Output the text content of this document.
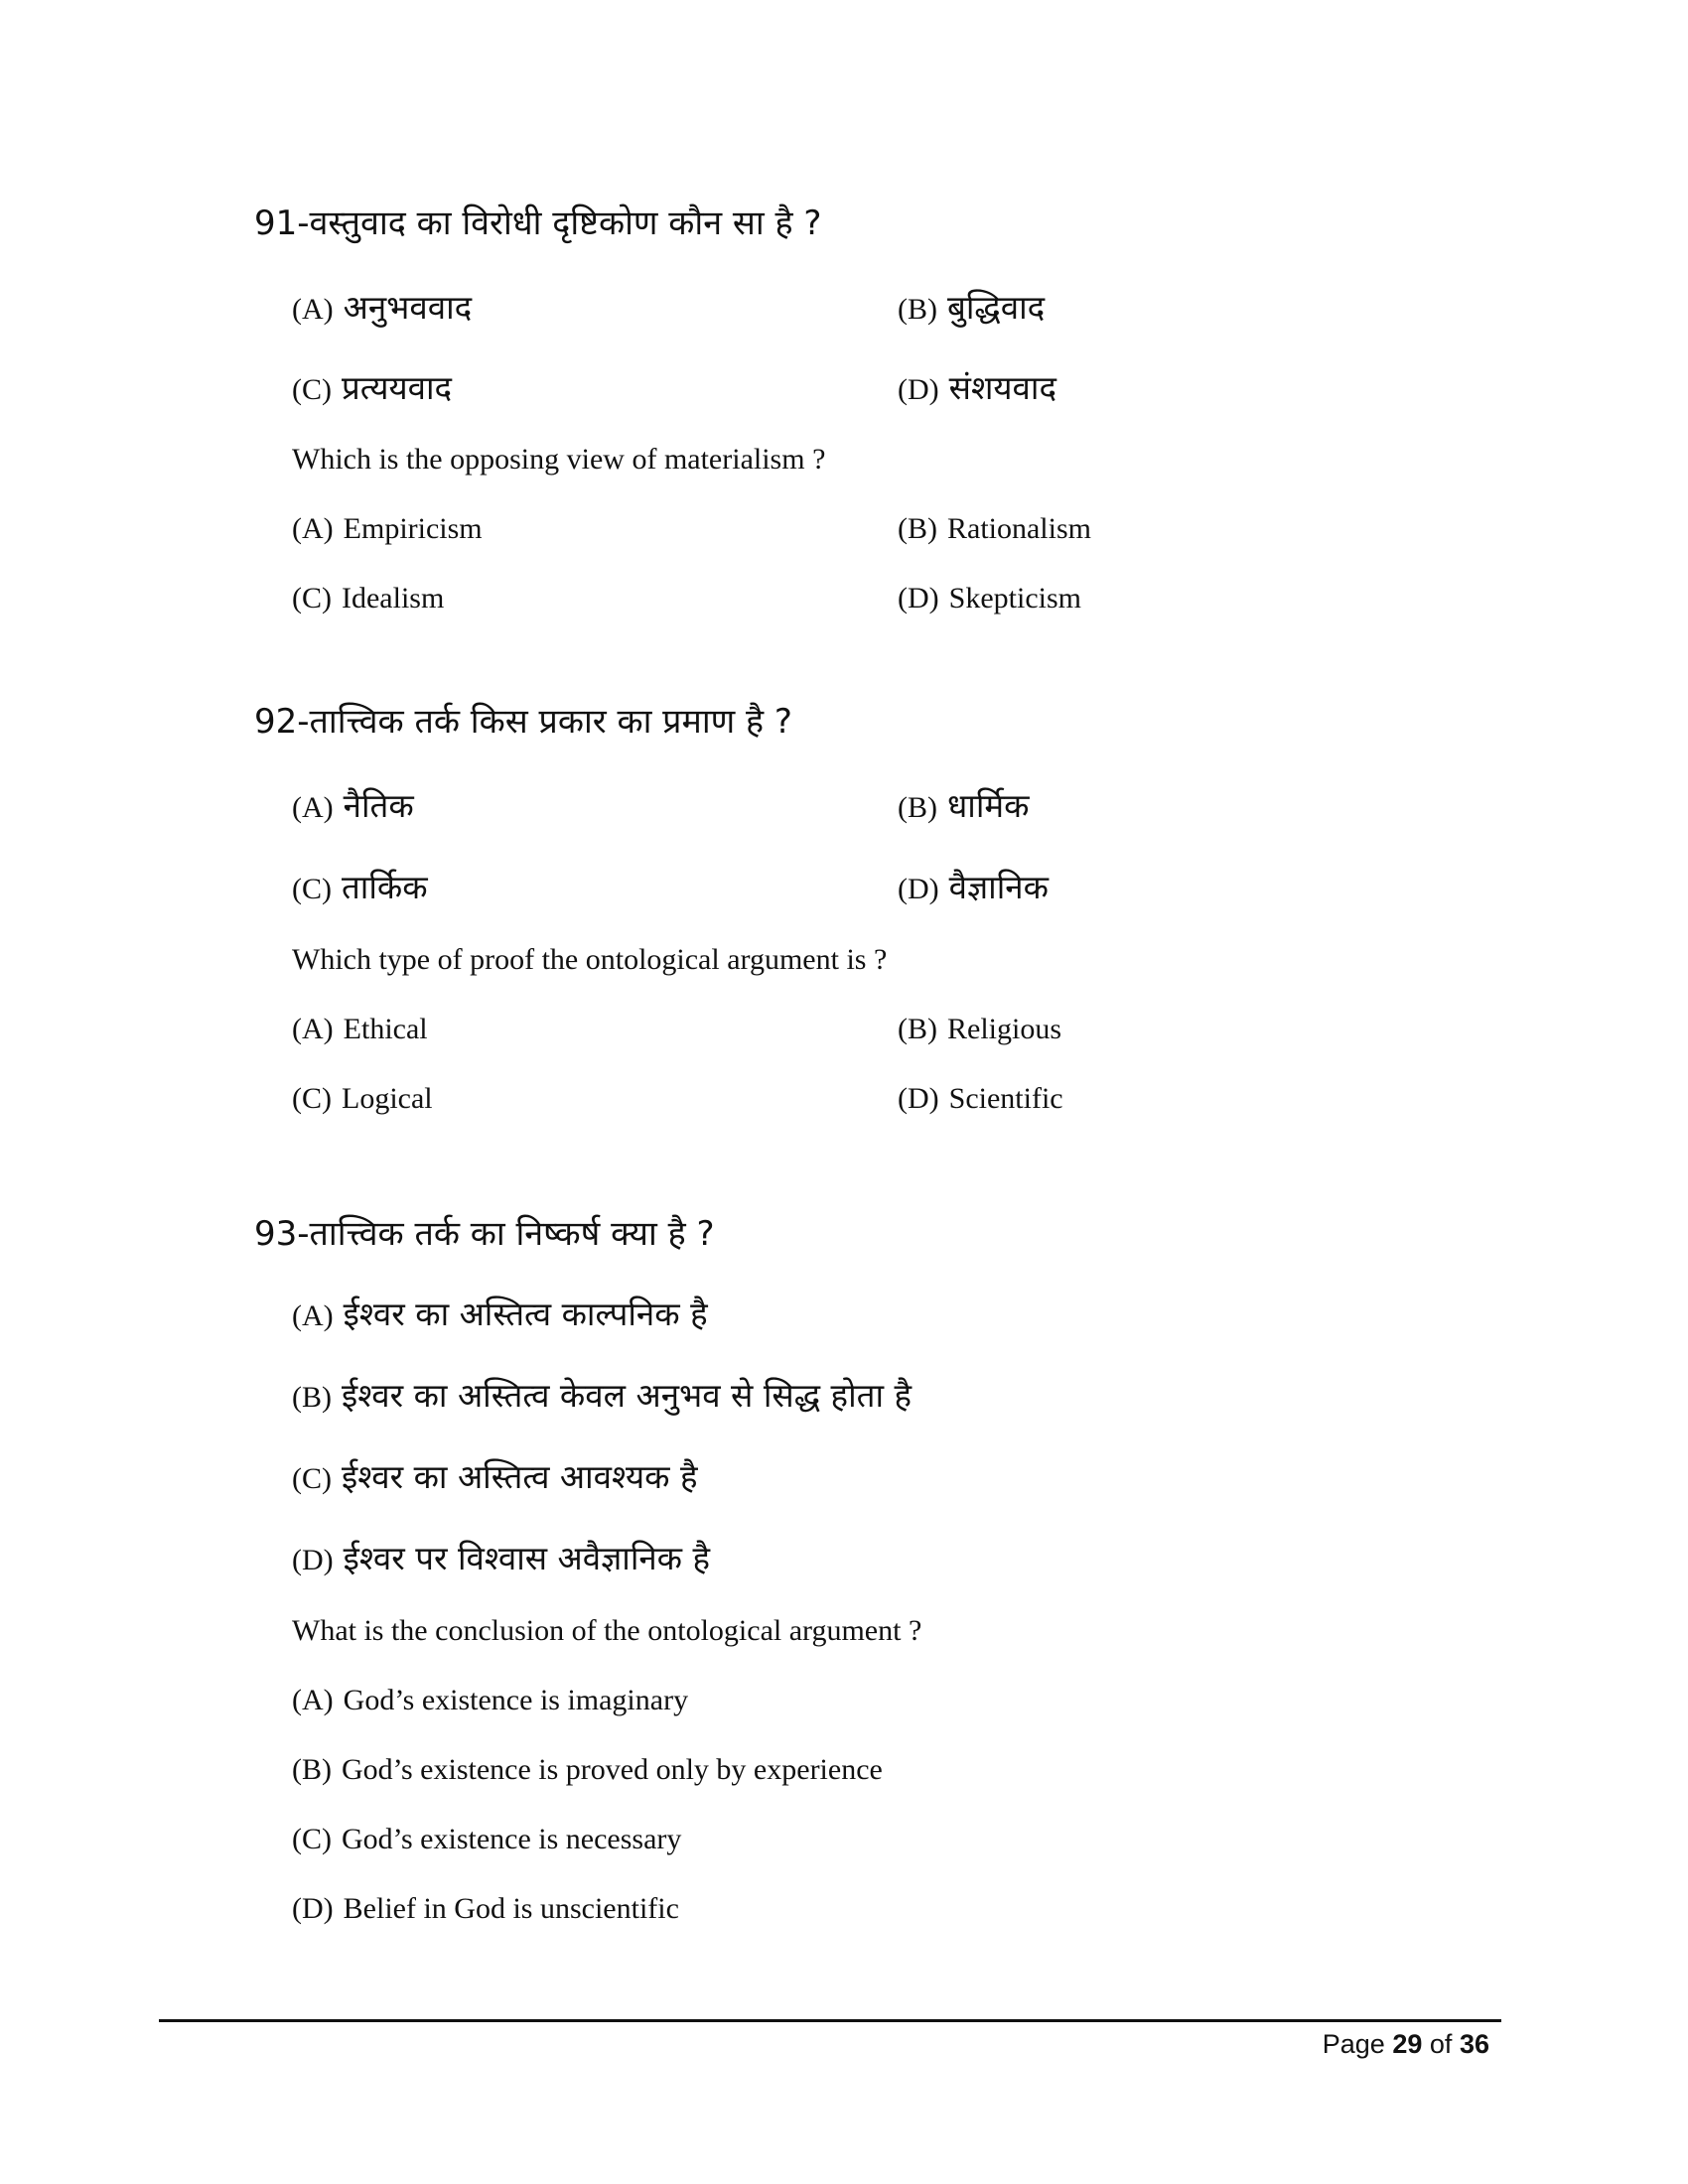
91-वस्तुवाद का विरोधी दृष्टिकोण कौन सा है ?
(A) अनुभववाद	(B) बुद्धिवाद
(C) प्रत्ययवाद	(D) संशयवाद
Which is the opposing view of materialism ?
(A) Empiricism	(B) Rationalism
(C) Idealism	(D) Skepticism
92-तात्त्विक तर्क किस प्रकार का प्रमाण है ?
(A) नैतिक	(B) धार्मिक
(C) तार्किक	(D) वैज्ञानिक
Which type of proof the ontological argument is ?
(A) Ethical	(B) Religious
(C) Logical	(D) Scientific
93-तात्त्विक तर्क का निष्कर्ष क्या है ?
(A) ईश्वर का अस्तित्व काल्पनिक है
(B) ईश्वर का अस्तित्व केवल अनुभव से सिद्ध होता है
(C) ईश्वर का अस्तित्व आवश्यक है
(D) ईश्वर पर विश्वास अवैज्ञानिक है
What is the conclusion of the ontological argument ?
(A) God’s existence is imaginary
(B) God’s existence is proved only by experience
(C) God’s existence is necessary
(D) Belief in God is unscientific
Page 29 of 36
